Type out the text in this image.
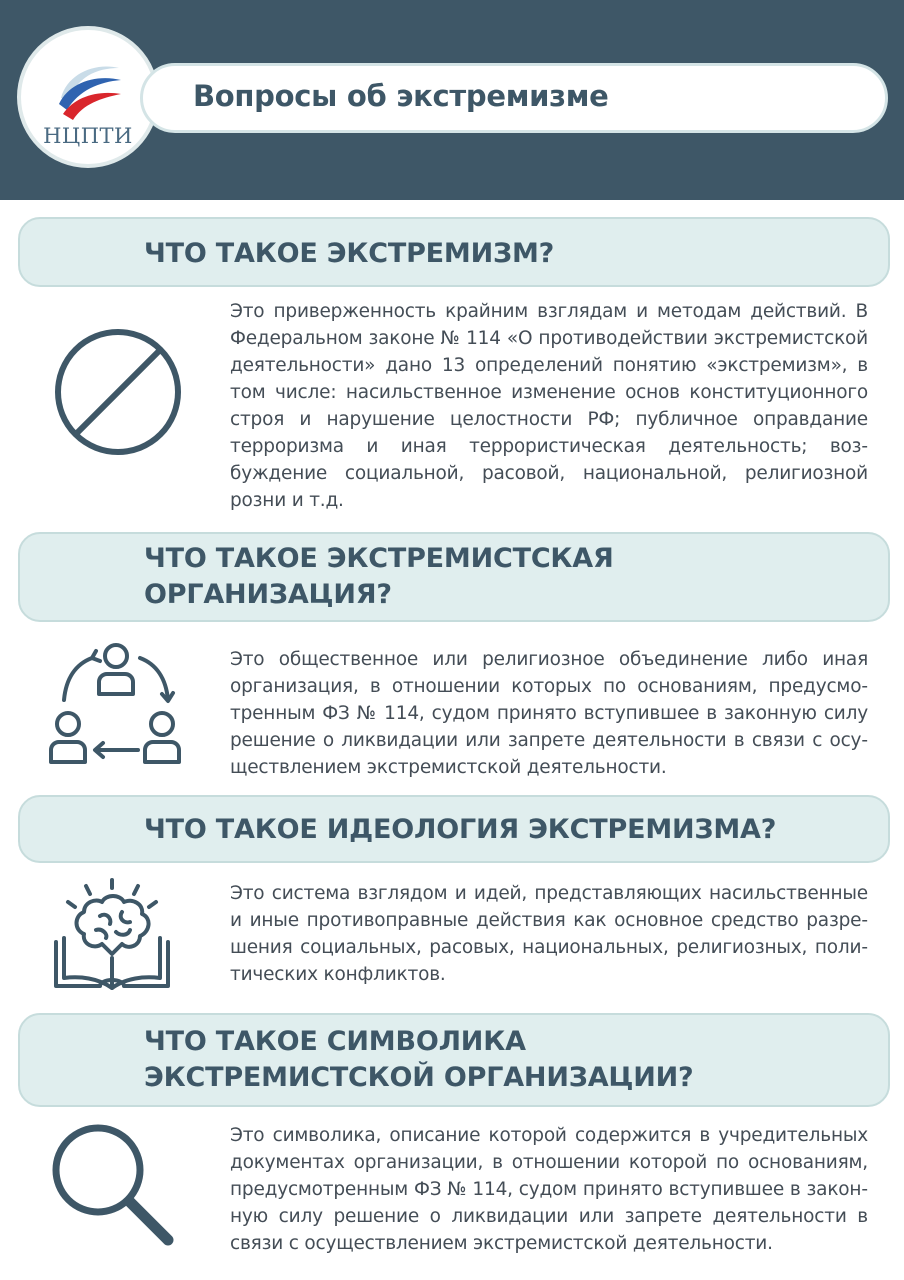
НЦПТИ
Вопросы об экстремизме
ЧТО ТАКОЕ ЭКСТРЕМИЗМ?
Это приверженность крайним взглядам и методам действий. В Федеральном законе № 114 «О противодействии экстремистской деятельности» дано 13 определений понятию «экстремизм», в том числе: насильственное изменение основ конституционного строя и нарушение целостности РФ; публичное оправдание терроризма и иная террористическая деятельность; возбуждение социальной, расовой, национальной, религиозной розни и т.д.
ЧТО ТАКОЕ ЭКСТРЕМИСТСКАЯ
ОРГАНИЗАЦИЯ?
Это общественное или религиозное объединение либо иная организация, в отношении которых по основаниям, предусмотренным ФЗ № 114, судом принято вступившее в законную силу решение о ликвидации или запрете деятельности в связи с осуществлением экстремистской деятельности.
ЧТО ТАКОЕ ИДЕОЛОГИЯ ЭКСТРЕМИЗМА?
Это система взглядом и идей, представляющих насильственные и иные противоправные действия как основное средство разрешения социальных, расовых, национальных, религиозных, политических конфликтов.
ЧТО ТАКОЕ СИМВОЛИКА
ЭКСТРЕМИСТСКОЙ ОРГАНИЗАЦИИ?
Это символика, описание которой содержится в учредительных документах организации, в отношении которой по основаниям, предусмотренным ФЗ № 114, судом принято вступившее в законную силу решение о ликвидации или запрете деятельности в связи с осуществлением экстремистской деятельности.
